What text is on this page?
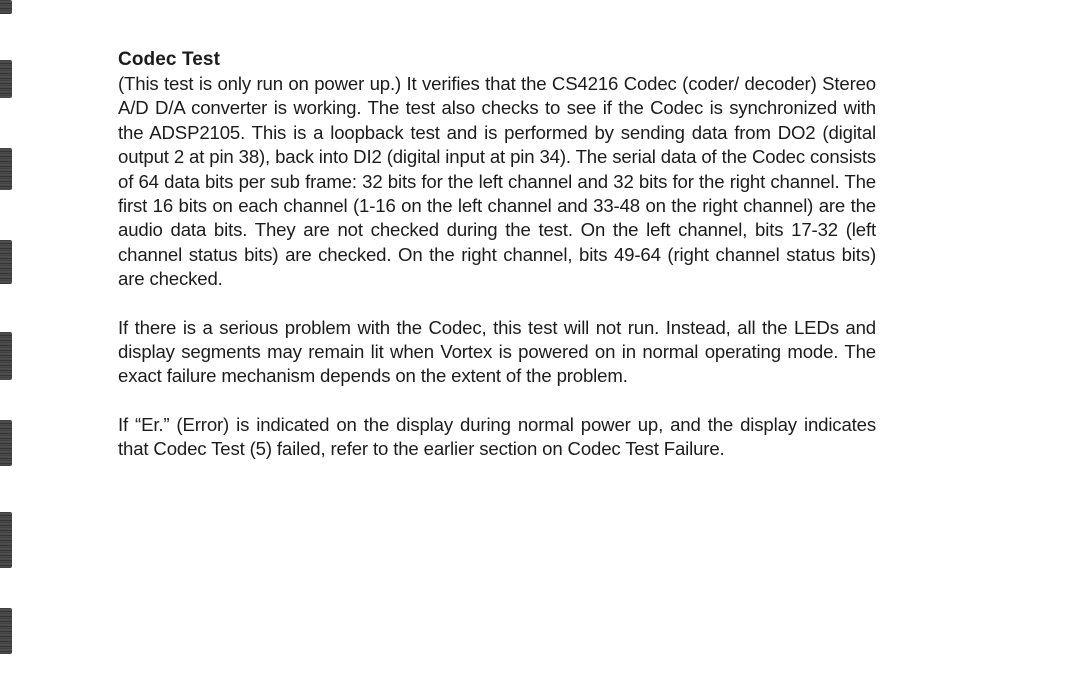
Codec Test

(This test is only run on power up.) It verifies that the CS4216 Codec (coder/ decoder) Stereo A/D D/A converter is working. The test also checks to see if the Codec is synchronized with the ADSP2105. This is a loopback test and is performed by sending data from DO2 (digital output 2 at pin 38), back into DI2 (digital input at pin 34). The serial data of the Codec consists of 64 data bits per sub frame: 32 bits for the left channel and 32 bits for the right channel. The first 16 bits on each channel (1-16 on the left channel and 33-48 on the right channel) are the audio data bits. They are not checked during the test. On the left channel, bits 17-32 (left channel status bits) are checked. On the right channel, bits 49-64 (right channel status bits) are checked.

If there is a serious problem with the Codec, this test will not run. Instead, all the LEDs and display segments may remain lit when Vortex is powered on in normal operating mode. The exact failure mechanism depends on the extent of the problem.

If “Er.” (Error) is indicated on the display during normal power up, and the display indicates that Codec Test (5) failed, refer to the earlier section on Codec Test Failure.
